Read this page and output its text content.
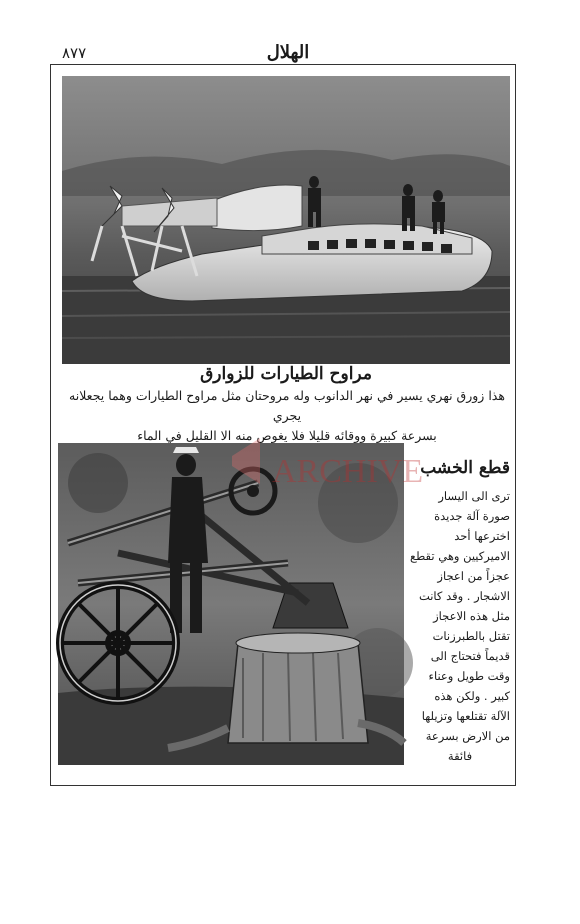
٨٧٧	الهلال
مراوح الطيارات للزوارق
هذا زورق نهري يسير في نهر الدانوب وله مروحتان مثل مراوح الطيارات وهما يجعلانه يجري
بسرعة كبيرة ووقائه قليلا فلا يغوص منه الا القليل في الماء
ARCHIVE
قطع الخشب
ترى الى اليسار
صورة آلة جديدة
اخترعها أحد
الاميركيين وهي تقطع
عجزاً من اعجاز
الاشجار . وقد كانت
مثل هذه الاعجاز
تقتل بالطبرزنات
قديماً فتحتاج الى
وقت طويل وعناء
كبير . ولكن هذه
الآلة تقتلعها وتزيلها
من الارض بسرعة
فائقة
